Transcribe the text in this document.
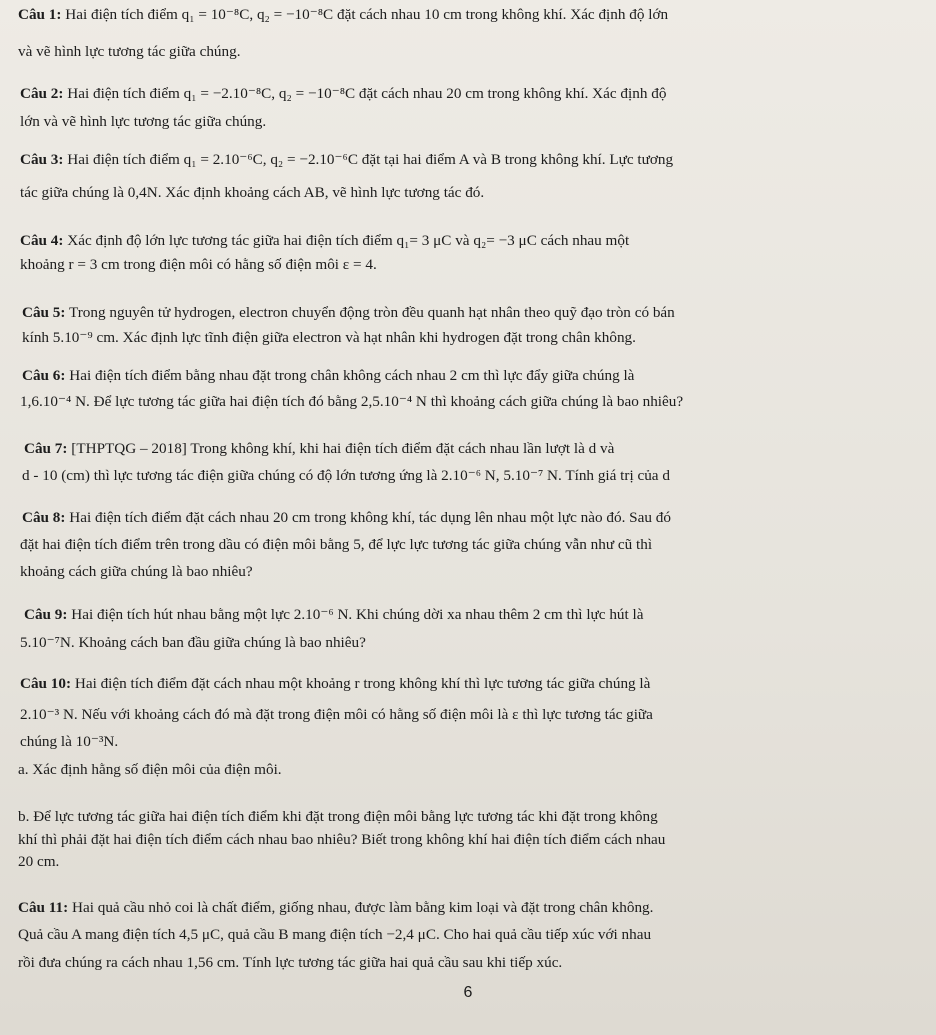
Câu 1: Hai điện tích điểm q₁ = 10⁻⁸C, q₂ = −10⁻⁸C đặt cách nhau 10 cm trong không khí. Xác định độ lớn
và vẽ hình lực tương tác giữa chúng.
Câu 2: Hai điện tích điểm q₁ = −2.10⁻⁸C, q₂ = −10⁻⁸C đặt cách nhau 20 cm trong không khí. Xác định độ
lớn và vẽ hình lực tương tác giữa chúng.
Câu 3: Hai điện tích điểm q₁ = 2.10⁻⁶C, q₂ = −2.10⁻⁶C đặt tại hai điểm A và B trong không khí. Lực tương
tác giữa chúng là 0,4N. Xác định khoảng cách AB, vẽ hình lực tương tác đó.
Câu 4: Xác định độ lớn lực tương tác giữa hai điện tích điểm q₁= 3 μC và q₂= −3 μC cách nhau một
khoảng r = 3 cm trong điện môi có hằng số điện môi ε = 4.
Câu 5: Trong nguyên tử hydrogen, electron chuyển động tròn đều quanh hạt nhân theo quỹ đạo tròn có bán
kính 5.10⁻⁹ cm. Xác định lực tĩnh điện giữa electron và hạt nhân khi hydrogen đặt trong chân không.
Câu 6: Hai điện tích điểm bằng nhau đặt trong chân không cách nhau 2 cm thì lực đẩy giữa chúng là
1,6.10⁻⁴ N. Để lực tương tác giữa hai điện tích đó bằng 2,5.10⁻⁴ N thì khoảng cách giữa chúng là bao nhiêu?
Câu 7: [THPTQG – 2018] Trong không khí, khi hai điện tích điểm đặt cách nhau lần lượt là d và
d - 10 (cm) thì lực tương tác điện giữa chúng có độ lớn tương ứng là 2.10⁻⁶ N, 5.10⁻⁷ N. Tính giá trị của d
Câu 8: Hai điện tích điểm đặt cách nhau 20 cm trong không khí, tác dụng lên nhau một lực nào đó. Sau đó
đặt hai điện tích điểm trên trong dầu có điện môi bằng 5, để lực lực tương tác giữa chúng vẫn như cũ thì
khoảng cách giữa chúng là bao nhiêu?
Câu 9: Hai điện tích hút nhau bằng một lực 2.10⁻⁶ N. Khi chúng dời xa nhau thêm 2 cm thì lực hút là
5.10⁻⁷N. Khoảng cách ban đầu giữa chúng là bao nhiêu?
Câu 10: Hai điện tích điểm đặt cách nhau một khoảng r trong không khí thì lực tương tác giữa chúng là
2.10⁻³ N. Nếu với khoảng cách đó mà đặt trong điện môi có hằng số điện môi là ε thì lực tương tác giữa
chúng là 10⁻³N.
a. Xác định hằng số điện môi của điện môi.
b. Để lực tương tác giữa hai điện tích điểm khi đặt trong điện môi bằng lực tương tác khi đặt trong không
khí thì phải đặt hai điện tích điểm cách nhau bao nhiêu? Biết trong không khí hai điện tích điểm cách nhau
20 cm.
Câu 11: Hai quả cầu nhỏ coi là chất điểm, giống nhau, được làm bằng kim loại và đặt trong chân không.
Quả cầu A mang điện tích 4,5 μC, quả cầu B mang điện tích −2,4 μC. Cho hai quả cầu tiếp xúc với nhau
rồi đưa chúng ra cách nhau 1,56 cm. Tính lực tương tác giữa hai quả cầu sau khi tiếp xúc.
6
